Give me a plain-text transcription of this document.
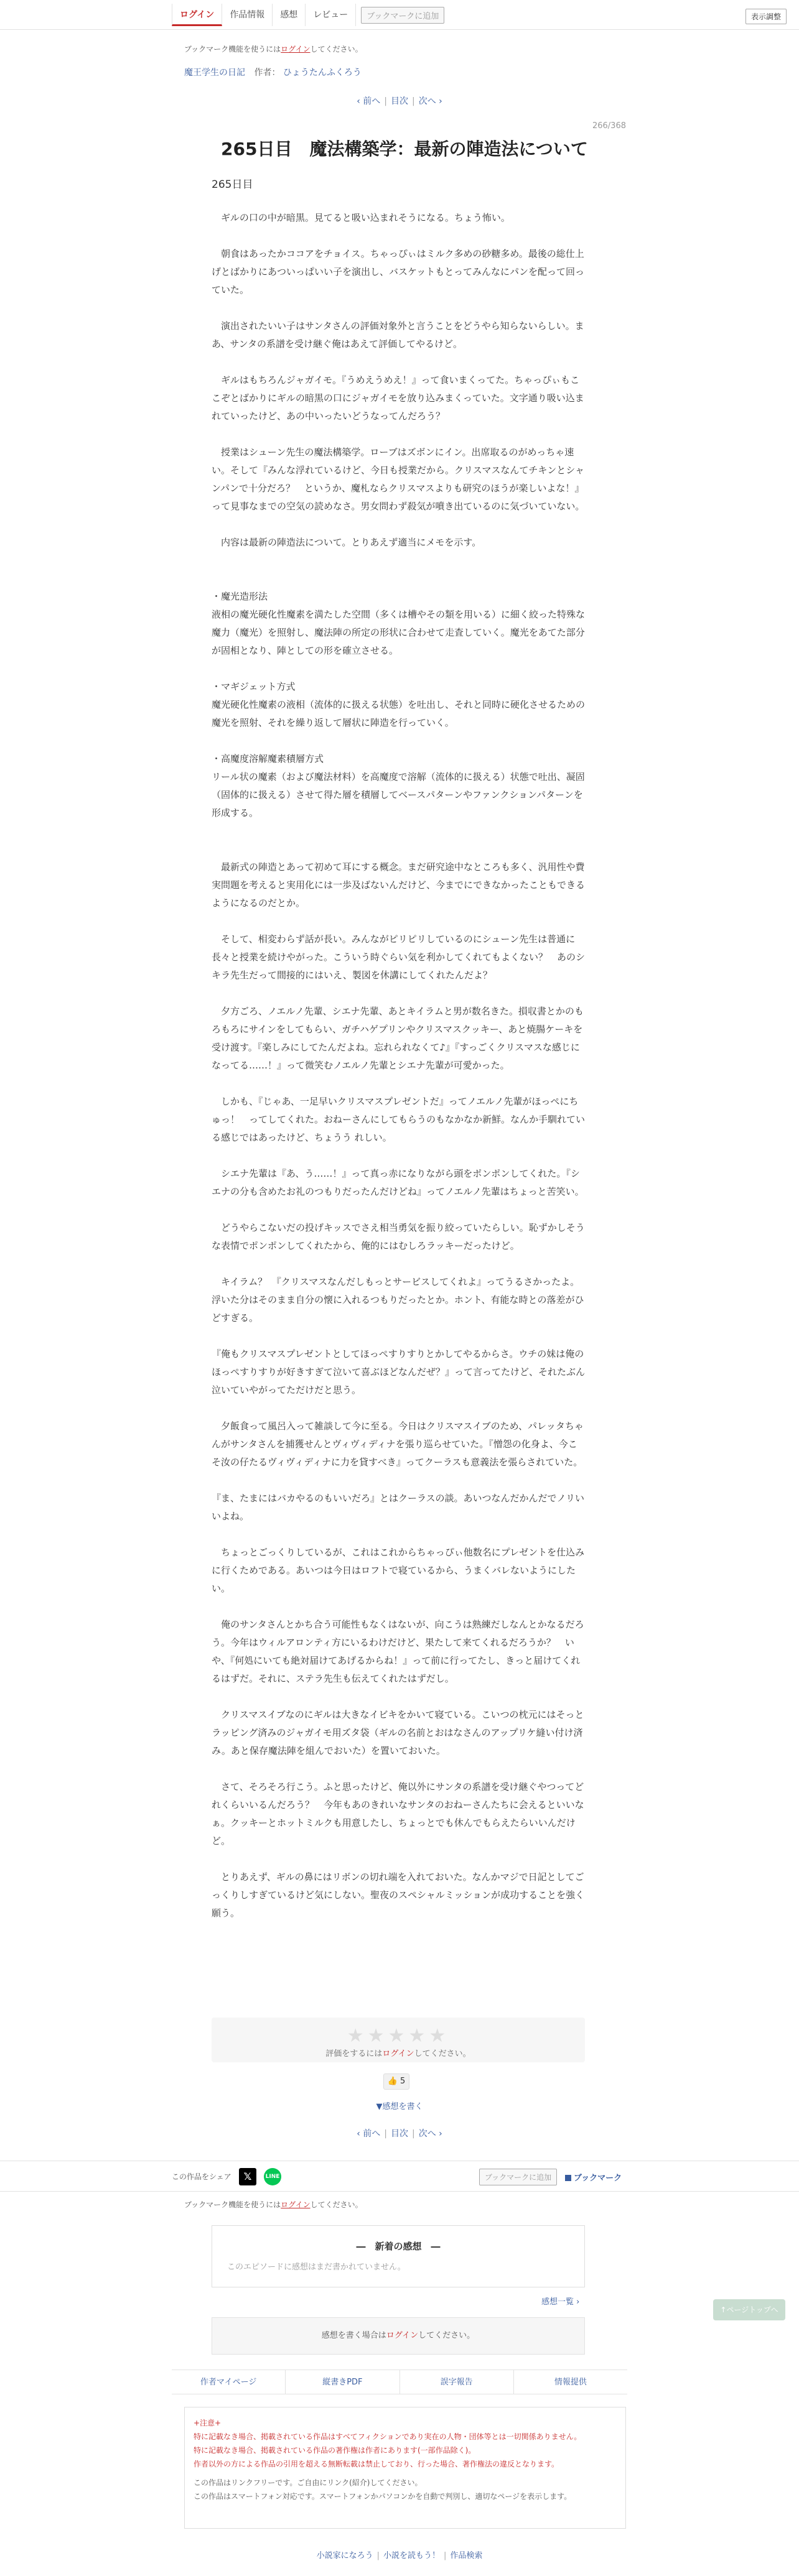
ログイン	作品情報	感想	レビュー	ブックマークに追加	表示調整
ブックマーク機能を使うにはログインしてください。
魔王学生の日記 作者： ひょうたんふくろう
‹ 前へ | 目次 | 次へ ›
266/368
265日目　魔法構築学：最新の陣造法について
265日目

　ギルの口の中が暗黒。見てると吸い込まれそうになる。ちょう怖い。

　朝食はあったかココアをチョイス。ちゃっぴぃはミルク多めの砂糖多め。最後の総仕上げとばかりにあついっぱいい子を演出し、バスケットもとってみんなにパンを配って回っていた。

　演出されたいい子はサンタさんの評価対象外と言うことをどうやら知らないらしい。まあ、サンタの系譜を受け継ぐ俺はあえて評価してやるけど。

　ギルはもちろんジャガイモ。『うめえうめえ！』って食いまくってた。ちゃっぴぃもここぞとばかりにギルの暗黒の口にジャガイモを放り込みまくっていた。文字通り吸い込まれていったけど、あの中いったいどうなってんだろう？

　授業はシューン先生の魔法構築学。ローブはズボンにイン。出席取るのがめっちゃ速い。そして『みんな浮れているけど、今日も授業だから。クリスマスなんてチキンとシャンパンで十分だろ？　というか、魔札ならクリスマスよりも研究のほうが楽しいよな！』って見事なまでの空気の読めなさ。男女問わず殺気が噴き出ているのに気づいていない。

　内容は最新の陣造法について。とりあえず適当にメモを示す。

・魔光造形法
液相の魔光硬化性魔素を満たした空間（多くは槽やその類を用いる）に細く絞った特殊な魔力（魔光）を照射し、魔法陣の所定の形状に合わせて走査していく。魔光をあてた部分が固相となり、陣としての形を確立させる。

・マギジェット方式
魔光硬化性魔素の液相（流体的に扱える状態）を吐出し、それと同時に硬化させるための魔光を照射、それを繰り返して層状に陣造を行っていく。

・高魔度溶解魔素積層方式
リール状の魔素（および魔法材料）を高魔度で溶解（流体的に扱える）状態で吐出、凝固（固体的に扱える）させて得た層を積層してベースパターンやファンクションパターンを形成する。

　最新式の陣造とあって初めて耳にする概念。まだ研究途中なところも多く、汎用性や費実問題を考えると実用化には一歩及ばないんだけど、今までにできなかったこともできるようになるのだとか。

　そして、相変わらず話が長い。みんながピリピリしているのにシューン先生は普通に長々と授業を続けやがった。こういう時ぐらい気を利かしてくれてもよくない？　あのシキラ先生だって間接的にはいえ、製図を休講にしてくれたんだよ？

　夕方ごろ、ノエルノ先輩、シエナ先輩、あとキイラムと男が数名きた。損収書とかのもろもろにサインをしてもらい、ガチハゲプリンやクリスマスクッキー、あと焼腸ケーキを受け渡す。『楽しみにしてたんだよね。忘れられなくて♪』『すっごくクリスマスな感じになってる……！』って微笑むノエルノ先輩とシエナ先輩が可愛かった。

　しかも、『じゃあ、一足早いクリスマスプレゼントだ』ってノエルノ先輩がほっぺにちゅっ！　ってしてくれた。おねーさんにしてもらうのもなかなか新鮮。なんか手馴れている感じではあったけど、ちょうう れしい。

　シエナ先輩は『あ、う……！』って真っ赤になりながら頭をポンポンしてくれた。『シエナの分も含めたお礼のつもりだったんだけどね』ってノエルノ先輩はちょっと苦笑い。

　どうやらこないだの投げキッスでさえ相当勇気を振り絞っていたらしい。恥ずかしそうな表情でポンポンしてくれたから、俺的にはむしろラッキーだったけど。

　キイラム？　『クリスマスなんだしもっとサービスしてくれよ』ってうるさかったよ。浮いた分はそのまま自分の懐に入れるつもりだったとか。ホント、有能な時との落差がひどすぎる。

『俺もクリスマスプレゼントとしてほっぺすりすりとかしてやるからさ。ウチの妹は俺のほっぺすりすりが好きすぎて泣いて喜ぶほどなんだぜ？』って言ってたけど、それたぶん泣いていやがってただけだと思う。

　夕飯食って風呂入って雑談して今に至る。今日はクリスマスイブのため、パレッタちゃんがサンタさんを捕獲せんとヴィヴィディナを張り巡らせていた。『憎怨の化身よ、今こそ汝の仔たるヴィヴィディナに力を貸すべき』ってクーラスも意義法を張らされていた。

『ま、たまにはバカやるのもいいだろ』とはクーラスの談。あいつなんだかんだでノリいいよね。

　ちょっとごっくりしているが、これはこれからちゃっぴぃ他数名にプレゼントを仕込みに行くためである。あいつは今日はロフトで寝ているから、うまくバレないようにしたい。

　俺のサンタさんとかち合う可能性もなくはないが、向こうは熟練だしなんとかなるだろう。今年はウィルアロンティ方にいるわけだけど、果たして来てくれるだろうか？　いや、『何処にいても絶対届けてあげるからね！』って前に行ってたし、きっと届けてくれるはずだ。それに、ステラ先生も伝えてくれたはずだし。

　クリスマスイブなのにギルは大きなイビキをかいて寝ている。こいつの枕元にはそっとラッピング済みのジャガイモ用ズタ袋（ギルの名前とおはなさんのアップリケ縫い付け済み。あと保存魔法陣を組んでおいた）を置いておいた。

　さて、そろそろ行こう。ふと思ったけど、俺以外にサンタの系譜を受け継ぐやつってどれくらいいるんだろう？　今年もあのきれいなサンタのおねーさんたちに会えるといいなぁ。クッキーとホットミルクも用意したし、ちょっとでも休んでもらえたらいいんだけど。

　とりあえず、ギルの鼻にはリボンの切れ端を入れておいた。なんかマジで日記としてごっくりしすぎているけど気にしない。聖夜のスペシャルミッションが成功することを強く願う。

★★★★★
評価をするにはログインしてください。
👍 5
▼感想を書く
‹ 前へ | 目次 | 次へ ›
この作品をシェア	𝕏	LINE	ブックマークに追加	ブックマーク
ブックマーク機能を使うにはログインしてください。
―　新着の感想　―
このエピソードに感想はまだ書かれていません。
感想一覧 ›
感想を書く場合はログインしてください。
↑ページトップへ
作者マイページ	縦書きPDF	誤字報告	情報提供
+注意+
特に記載なき場合、掲載されている作品はすべてフィクションであり実在の人物・団体等とは一切関係ありません。
特に記載なき場合、掲載されている作品の著作権は作者にあります(一部作品除く)。
作者以外の方による作品の引用を超える無断転載は禁止しており、行った場合、著作権法の違反となります。
この作品はリンクフリーです。ご自由にリンク(紹介)してください。
この作品はスマートフォン対応です。スマートフォンかパソコンかを自動で判別し、適切なページを表示します。
小説家になろう | 小説を読もう！ | 作品検索
